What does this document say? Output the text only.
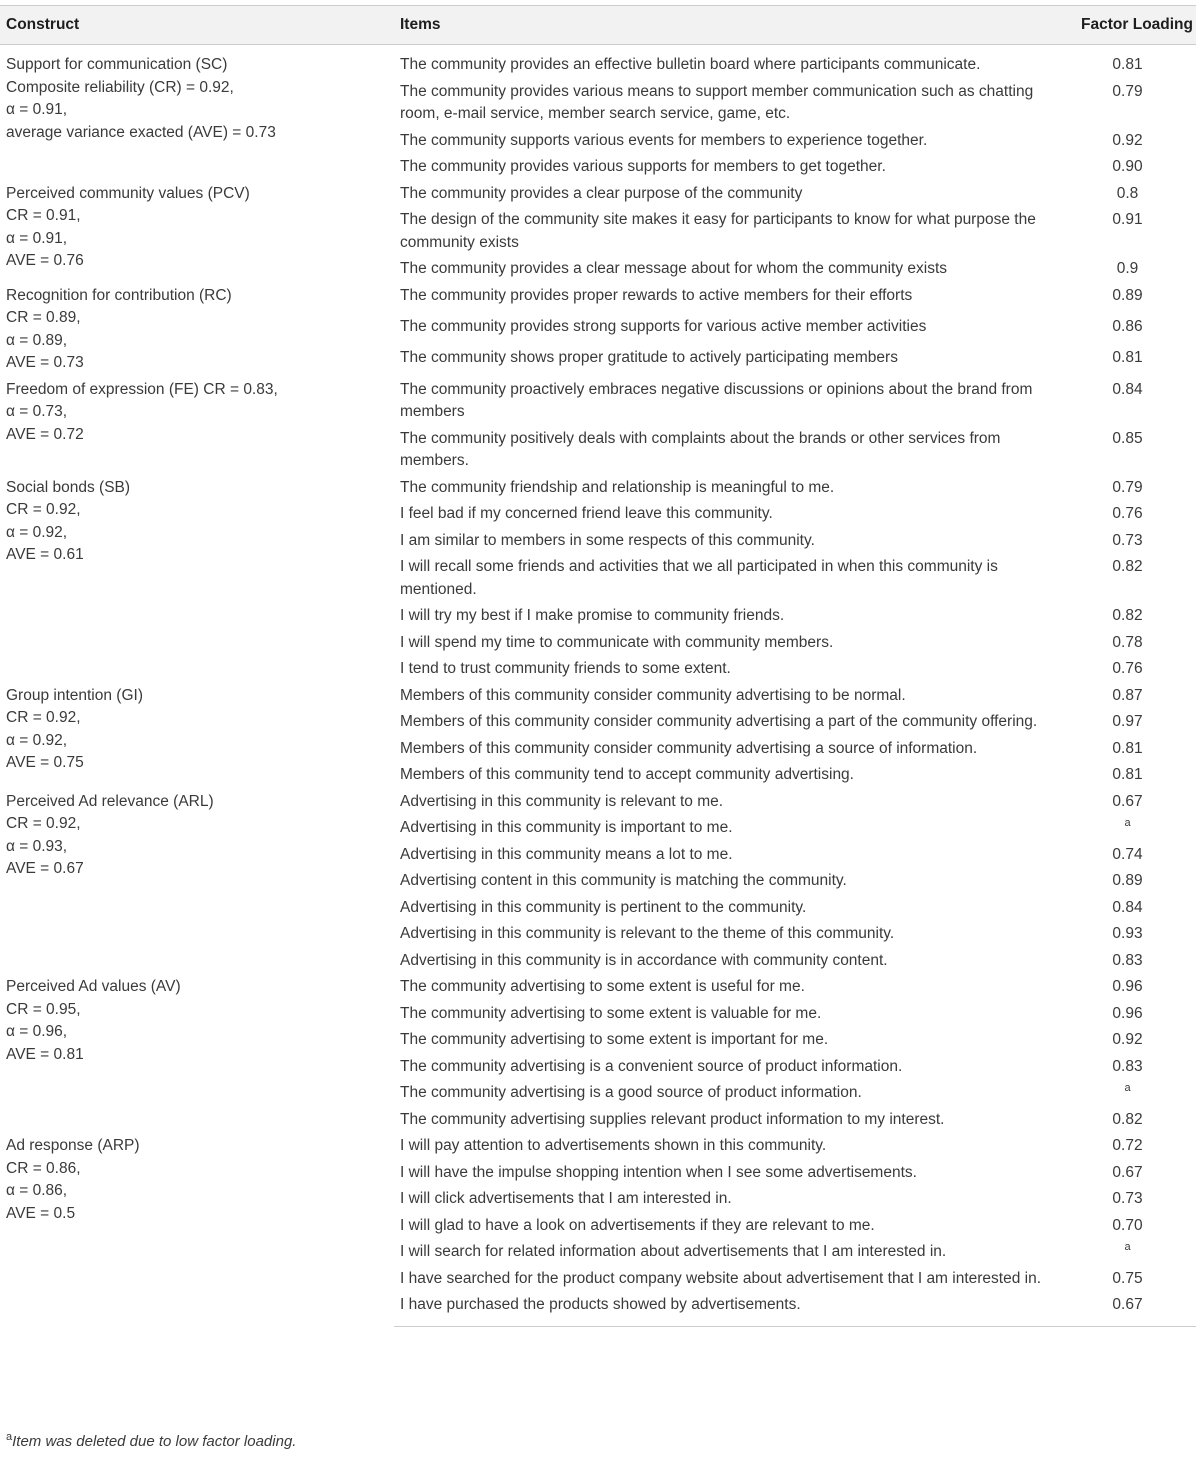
Construct	Items	Factor Loading

Support for communication (SC)
Composite reliability (CR) = 0.92,
α = 0.91,
average variance exacted (AVE) = 0.73	The community provides an effective bulletin board where participants communicate.	0.81
	The community provides various means to support member communication such as chatting room, e-mail service, member search service, game, etc.	0.79
	The community supports various events for members to experience together.	0.92
	The community provides various supports for members to get together.	0.90

Perceived community values (PCV)
CR = 0.91,
α = 0.91,
AVE = 0.76	The community provides a clear purpose of the community	0.8
	The design of the community site makes it easy for participants to know for what purpose the community exists	0.91
	The community provides a clear message about for whom the community exists	0.9

Recognition for contribution (RC)
CR = 0.89,
α = 0.89,
AVE = 0.73	The community provides proper rewards to active members for their efforts	0.89
	The community provides strong supports for various active member activities	0.86
	The community shows proper gratitude to actively participating members	0.81

Freedom of expression (FE) CR = 0.83,
α = 0.73,
AVE = 0.72	The community proactively embraces negative discussions or opinions about the brand from members	0.84
	The community positively deals with complaints about the brands or other services from members.	0.85

Social bonds (SB)
CR = 0.92,
α = 0.92,
AVE = 0.61	The community friendship and relationship is meaningful to me.	0.79
	I feel bad if my concerned friend leave this community.	0.76
	I am similar to members in some respects of this community.	0.73
	I will recall some friends and activities that we all participated in when this community is mentioned.	0.82
	I will try my best if I make promise to community friends.	0.82
	I will spend my time to communicate with community members.	0.78
	I tend to trust community friends to some extent.	0.76

Group intention (GI)
CR = 0.92,
α = 0.92,
AVE = 0.75	Members of this community consider community advertising to be normal.	0.87
	Members of this community consider community advertising a part of the community offering.	0.97
	Members of this community consider community advertising a source of information.	0.81
	Members of this community tend to accept community advertising.	0.81

Perceived Ad relevance (ARL)
CR = 0.92,
α = 0.93,
AVE = 0.67	Advertising in this community is relevant to me.	0.67
	Advertising in this community is important to me.	$^a$
	Advertising in this community means a lot to me.	0.74
	Advertising content in this community is matching the community.	0.89
	Advertising in this community is pertinent to the community.	0.84
	Advertising in this community is relevant to the theme of this community.	0.93
	Advertising in this community is in accordance with community content.	0.83

Perceived Ad values (AV)
CR = 0.95,
α = 0.96,
AVE = 0.81	The community advertising to some extent is useful for me.	0.96
	The community advertising to some extent is valuable for me.	0.96
	The community advertising to some extent is important for me.	0.92
	The community advertising is a convenient source of product information.	0.83
	The community advertising is a good source of product information.	$^a$
	The community advertising supplies relevant product information to my interest.	0.82

Ad response (ARP)
CR = 0.86,
α = 0.86,
AVE = 0.5	I will pay attention to advertisements shown in this community.	0.72
	I will have the impulse shopping intention when I see some advertisements.	0.67
	I will click advertisements that I am interested in.	0.73
	I will glad to have a look on advertisements if they are relevant to me.	0.70
	I will search for related information about advertisements that I am interested in.	$^a$
	I have searched for the product company website about advertisement that I am interested in.	0.75
	I have purchased the products showed by advertisements.	0.67
$^a$Item was deleted due to low factor loading.
